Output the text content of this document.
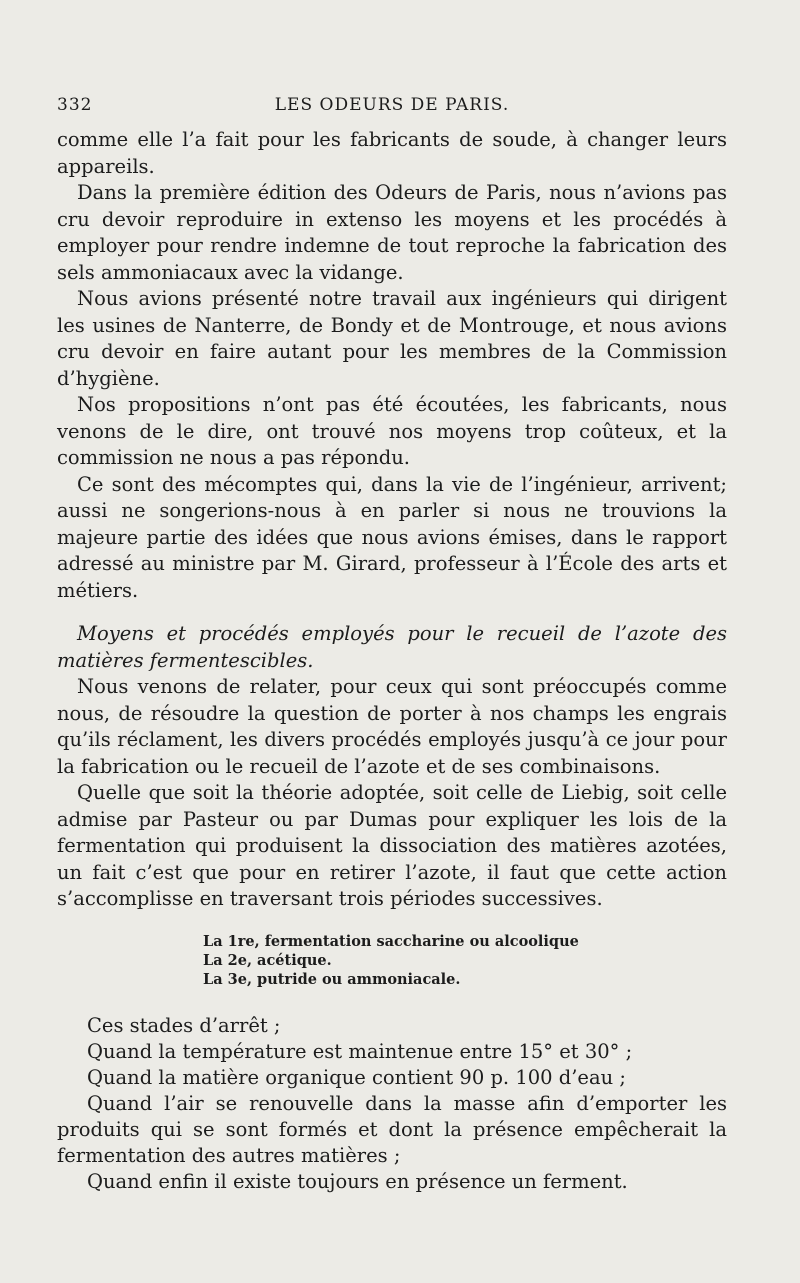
332	LES ODEURS DE PARIS.

comme elle l’a fait pour les fabricants de soude, à changer leurs appareils.

Dans la première édition des Odeurs de Paris, nous n’avions pas cru devoir reproduire in extenso les moyens et les procédés à employer pour rendre indemne de tout reproche la fabrication des sels ammoniacaux avec la vidange.

Nous avions présenté notre travail aux ingénieurs qui dirigent les usines de Nanterre, de Bondy et de Montrouge, et nous avions cru devoir en faire autant pour les membres de la Commission d’hygiène.

Nos propositions n’ont pas été écoutées, les fabricants, nous venons de le dire, ont trouvé nos moyens trop coûteux, et la commission ne nous a pas répondu.

Ce sont des mécomptes qui, dans la vie de l’ingénieur, arrivent; aussi ne songerions-nous à en parler si nous ne trouvions la majeure partie des idées que nous avions émises, dans le rapport adressé au ministre par M. Girard, professeur à l’École des arts et métiers.

Moyens et procédés employés pour le recueil de l’azote des matières fermentescibles.

Nous venons de relater, pour ceux qui sont préoccupés comme nous, de résoudre la question de porter à nos champs les engrais qu’ils réclament, les divers procédés employés jusqu’à ce jour pour la fabrication ou le recueil de l’azote et de ses combinaisons.

Quelle que soit la théorie adoptée, soit celle de Liebig, soit celle admise par Pasteur ou par Dumas pour expliquer les lois de la fermentation qui produisent la dissociation des matières azotées, un fait c’est que pour en retirer l’azote, il faut que cette action s’accomplisse en traversant trois périodes successives.

La 1re, fermentation saccharine ou alcoolique
La 2e, acétique.
La 3e, putride ou ammoniacale.

Ces stades d’arrêt ;

Quand la température est maintenue entre 15° et 30° ;

Quand la matière organique contient 90 p. 100 d’eau ;

Quand l’air se renouvelle dans la masse afin d’emporter les produits qui se sont formés et dont la présence empêcherait la fermentation des autres matières ;

Quand enfin il existe toujours en présence un ferment.
